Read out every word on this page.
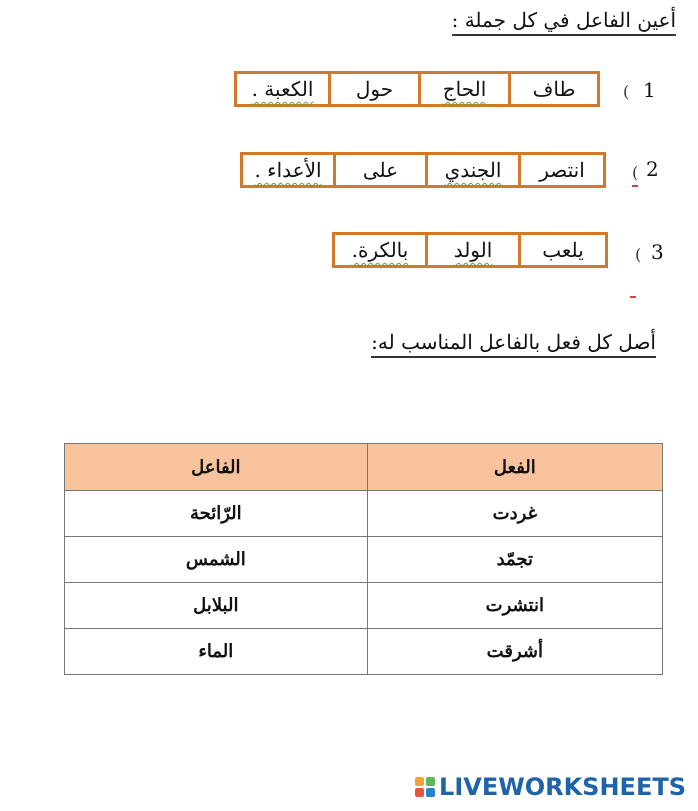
أعين الفاعل في كل جملة :
1
(
طاف
الحاج
حول
الكعبة .
2
(
انتصر
الجندي
على
الأعداء .
3
(
يلعب
الولد
بالكرة.
أصل كل فعل بالفاعل المناسب له:
الفعل	الفاعل
غردت	الرّائحة
تجمّد	الشمس
انتشرت	البلابل
أشرقت	الماء
LIVEWORKSHEETS
